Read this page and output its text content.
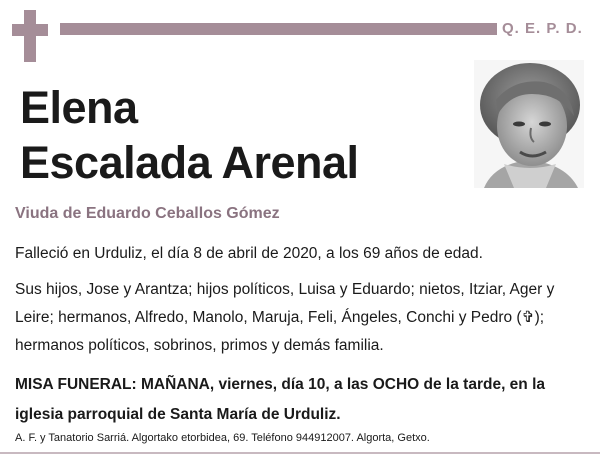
Q. E. P. D.
Elena
Escalada Arenal
Viuda de Eduardo Ceballos Gómez
Falleció en Urduliz, el día 8 de abril de 2020, a los 69 años de edad.
Sus hijos, Jose y Arantza; hijos políticos, Luisa y Eduardo; nietos, Itziar, Ager y Leire; hermanos, Alfredo, Manolo, Maruja, Feli, Ángeles, Conchi y Pedro (✞); hermanos políticos, sobrinos, primos y demás familia.
MISA FUNERAL: MAÑANA, viernes, día 10, a las OCHO de la tarde, en la iglesia parroquial de Santa María de Urduliz.
A. F. y Tanatorio Sarriá. Algortako etorbidea, 69. Teléfono 944912007. Algorta, Getxo.
